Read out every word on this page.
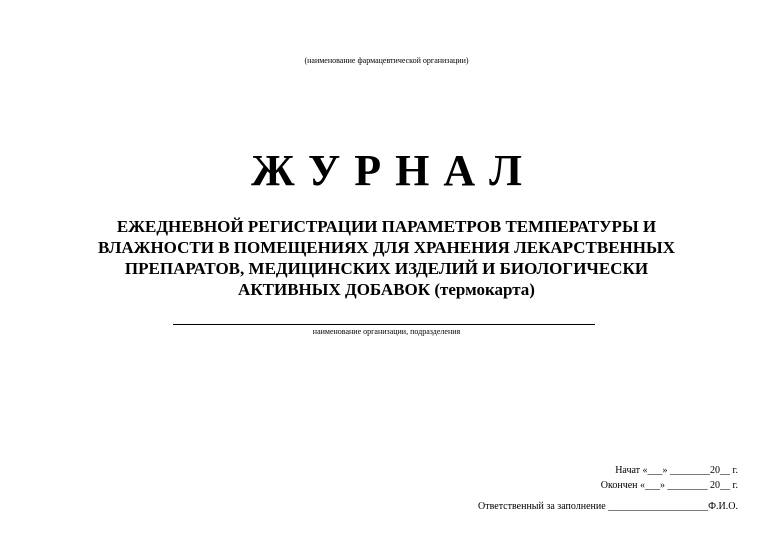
(наименование фармацевтической организации)
ЖУРНАЛ
ЕЖЕДНЕВНОЙ РЕГИСТРАЦИИ ПАРАМЕТРОВ ТЕМПЕРАТУРЫ И
ВЛАЖНОСТИ В ПОМЕЩЕНИЯХ ДЛЯ ХРАНЕНИЯ ЛЕКАРСТВЕННЫХ
ПРЕПАРАТОВ, МЕДИЦИНСКИХ ИЗДЕЛИЙ И БИОЛОГИЧЕСКИ
АКТИВНЫХ ДОБАВОК (термокарта)
наименование организации, подразделения
Начат «___» ________20__ г.
Окончен «___» ________ 20__ г.
Ответственный за заполнение ____________________Ф.И.О.
